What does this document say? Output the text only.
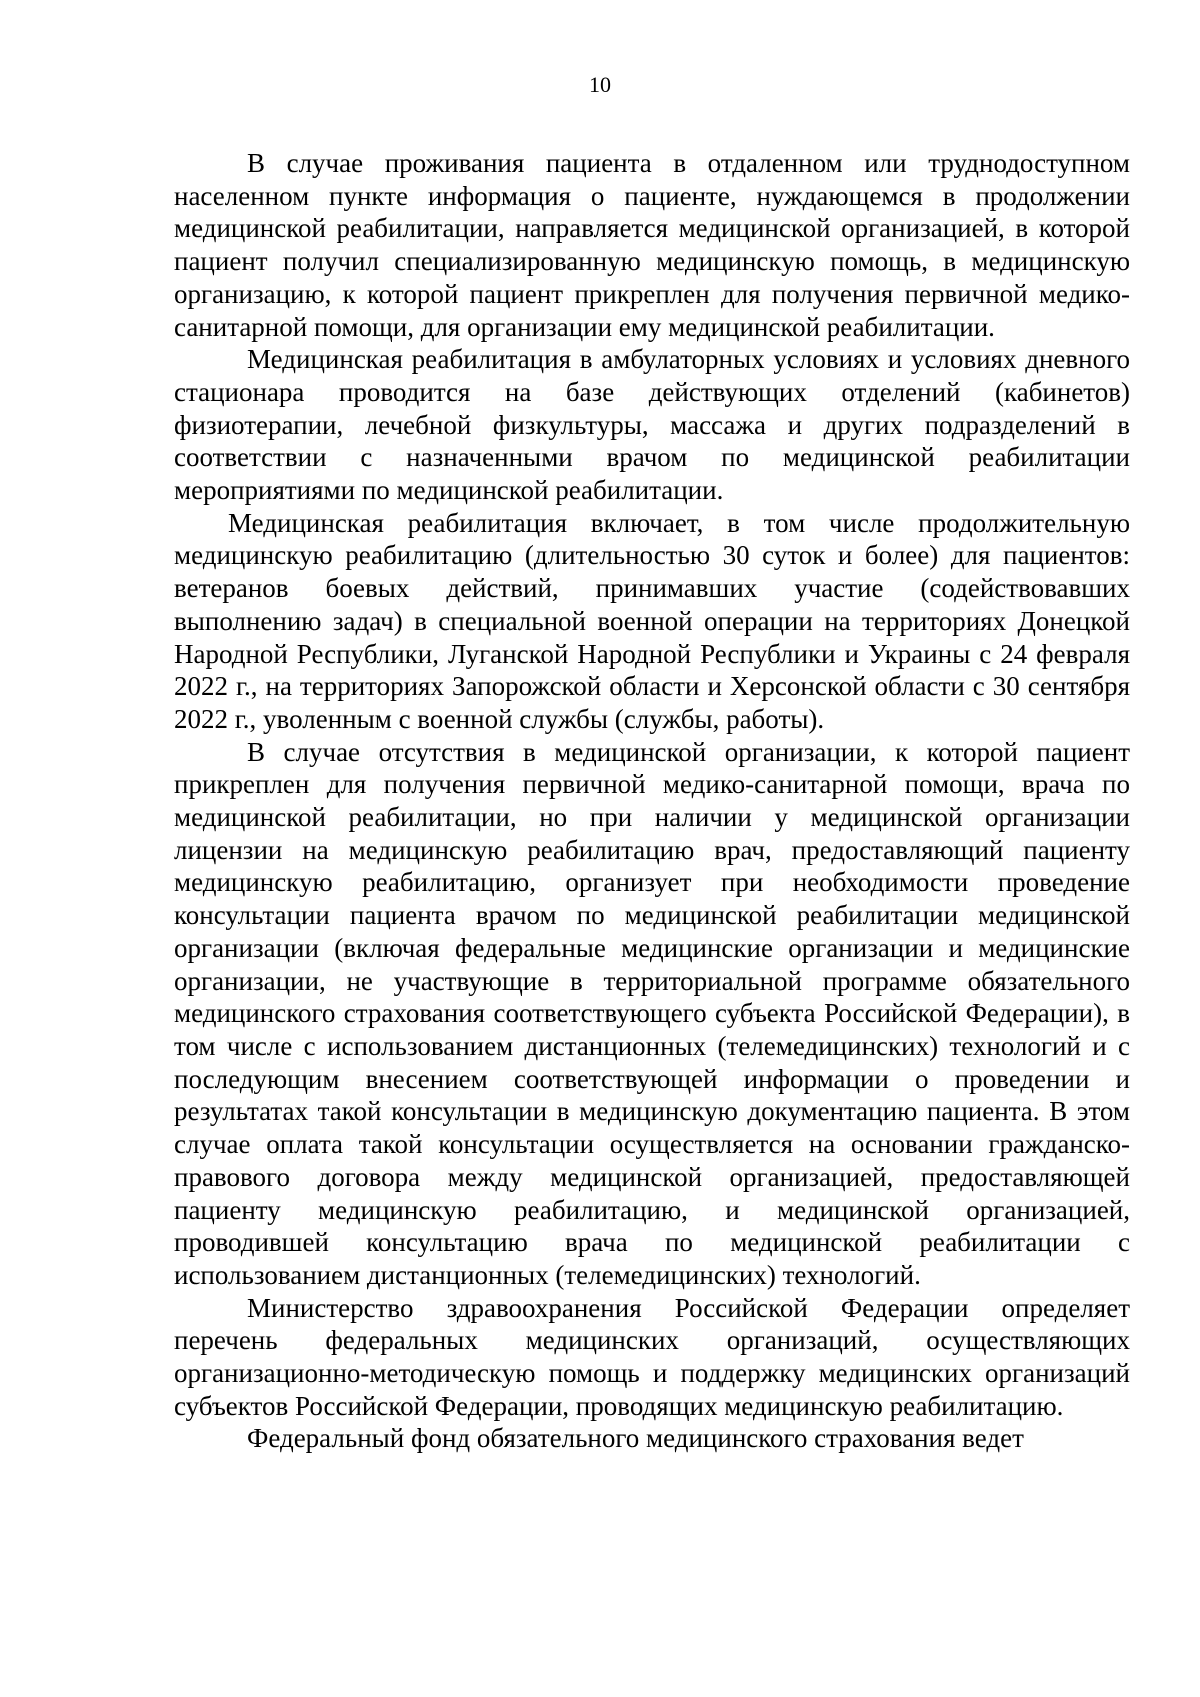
10

В случае проживания пациента в отдаленном или труднодоступном населенном пункте информация о пациенте, нуждающемся в продолжении медицинской реабилитации, направляется медицинской организацией, в которой пациент получил специализированную медицинскую помощь, в медицинскую организацию, к которой пациент прикреплен для получения первичной медико-санитарной помощи, для организации ему медицинской реабилитации.

Медицинская реабилитация в амбулаторных условиях и условиях дневного стационара проводится на базе действующих отделений (кабинетов) физиотерапии, лечебной физкультуры, массажа и других подразделений в соответствии с назначенными врачом по медицинской реабилитации мероприятиями по медицинской реабилитации.

Медицинская реабилитация включает, в том числе продолжительную медицинскую реабилитацию (длительностью 30 суток и более) для пациентов: ветеранов боевых действий, принимавших участие (содействовавших выполнению задач) в специальной военной операции на территориях Донецкой Народной Республики, Луганской Народной Республики и Украины с 24 февраля 2022 г., на территориях Запорожской области и Херсонской области с 30 сентября 2022 г., уволенным с военной службы (службы, работы).

В случае отсутствия в медицинской организации, к которой пациент прикреплен для получения первичной медико-санитарной помощи, врача по медицинской реабилитации, но при наличии у медицинской организации лицензии на медицинскую реабилитацию врач, предоставляющий пациенту медицинскую реабилитацию, организует при необходимости проведение консультации пациента врачом по медицинской реабилитации медицинской организации (включая федеральные медицинские организации и медицинские организации, не участвующие в территориальной программе обязательного медицинского страхования соответствующего субъекта Российской Федерации), в том числе с использованием дистанционных (телемедицинских) технологий и с последующим внесением соответствующей информации о проведении и результатах такой консультации в медицинскую документацию пациента. В этом случае оплата такой консультации осуществляется на основании гражданско-правового договора между медицинской организацией, предоставляющей пациенту медицинскую реабилитацию, и медицинской организацией, проводившей консультацию врача по медицинской реабилитации с использованием дистанционных (телемедицинских) технологий.

Министерство здравоохранения Российской Федерации определяет перечень федеральных медицинских организаций, осуществляющих организационно-методическую помощь и поддержку медицинских организаций субъектов Российской Федерации, проводящих медицинскую реабилитацию.

Федеральный фонд обязательного медицинского страхования ведет
